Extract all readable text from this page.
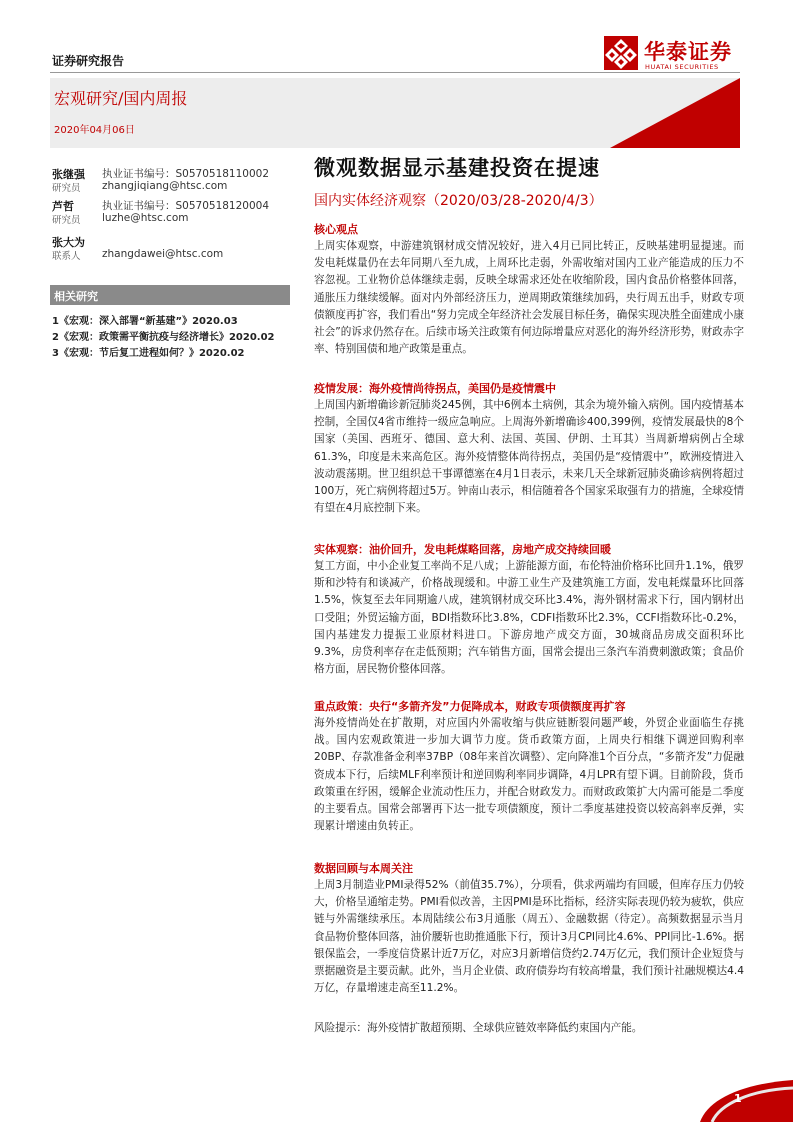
证券研究报告	华泰证券
HUATAI SECURITIES
宏观研究/国内周报
2020年04月06日
张继强 执业证书编号：S0570518110002
研究员 zhangjiqiang@htsc.com
芦哲	执业证书编号：S0570518120004
研究员 luzhe@htsc.com
张大为
联系人 zhangdawei@htsc.com
相关研究
1《宏观：深入部署“新基建”》2020.03
2《宏观：政策需平衡抗疫与经济增长》2020.02
3《宏观：节后复工进程如何？》2020.02
微观数据显示基建投资在提速
国内实体经济观察（2020/03/28-2020/4/3）
核心观点
上周实体观察，中游建筑钢材成交情况较好，进入4月已同比转正，反映基建明显提速。而发电耗煤量仍在去年同期八至九成，上周环比走弱，外需收缩对国内工业产能造成的压力不容忽视。工业物价总体继续走弱，反映全球需求还处在收缩阶段，国内食品价格整体回落，通胀压力继续缓解。面对内外部经济压力，逆周期政策继续加码，央行周五出手，财政专项债额度再扩容，我们看出“努力完成全年经济社会发展目标任务，确保实现决胜全面建成小康社会”的诉求仍然存在。后续市场关注政策有何边际增量应对恶化的海外经济形势，财政赤字率、特别国债和地产政策是重点。
疫情发展：海外疫情尚待拐点，美国仍是疫情震中
上周国内新增确诊新冠肺炎245例，其中6例本土病例，其余为境外输入病例。国内疫情基本控制，全国仅4省市维持一级应急响应。上周海外新增确诊400,399例，疫情发展最快的8个国家（美国、西班牙、德国、意大利、法国、英国、伊朗、土耳其）当周新增病例占全球61.3%，印度是未来高危区。海外疫情整体尚待拐点，美国仍是“疫情震中”，欧洲疫情进入波动震荡期。世卫组织总干事谭德塞在4月1日表示，未来几天全球新冠肺炎确诊病例将超过100万，死亡病例将超过5万。钟南山表示，相信随着各个国家采取强有力的措施，全球疫情有望在4月底控制下来。
实体观察：油价回升，发电耗煤略回落，房地产成交持续回暖
复工方面，中小企业复工率尚不足八成；上游能源方面，布伦特油价格环比回升1.1%，俄罗斯和沙特有和谈减产，价格战现缓和。中游工业生产及建筑施工方面，发电耗煤量环比回落1.5%，恢复至去年同期逾八成，建筑钢材成交环比3.4%，海外钢材需求下行，国内钢材出口受阻；外贸运输方面，BDI指数环比3.8%，CDFI指数环比2.3%，CCFI指数环比-0.2%，国内基建发力提振工业原材料进口。下游房地产成交方面，30城商品房成交面积环比9.3%，房贷利率存在走低预期；汽车销售方面，国常会提出三条汽车消费刺激政策；食品价格方面，居民物价整体回落。
重点政策：央行“多箭齐发”力促降成本，财政专项债额度再扩容
海外疫情尚处在扩散期，对应国内外需收缩与供应链断裂问题严峻，外贸企业面临生存挑战。国内宏观政策进一步加大调节力度。货币政策方面，上周央行相继下调逆回购利率20BP、存款准备金利率37BP（08年来首次调整）、定向降准1个百分点，“多箭齐发”力促融资成本下行，后续MLF利率预计和逆回购利率同步调降，4月LPR有望下调。目前阶段，货币政策重在纾困，缓解企业流动性压力，并配合财政发力。而财政政策扩大内需可能是二季度的主要看点。国常会部署再下达一批专项债额度，预计二季度基建投资以较高斜率反弹，实现累计增速由负转正。
数据回顾与本周关注
上周3月制造业PMI录得52%（前值35.7%），分项看，供求两端均有回暖，但库存压力仍较大，价格呈通缩走势。PMI看似改善，主因PMI是环比指标，经济实际表现仍较为疲软，供应链与外需继续承压。本周陆续公布3月通胀（周五）、金融数据（待定）。高频数据显示当月食品物价整体回落，油价腰斩也助推通胀下行，预计3月CPI同比4.6%、PPI同比-1.6%。据银保监会，一季度信贷累计近7万亿，对应3月新增信贷约2.74万亿元，我们预计企业短贷与票据融资是主要贡献。此外，当月企业债、政府债券均有较高增量，我们预计社融规模达4.4万亿，存量增速走高至11.2%。
风险提示：海外疫情扩散超预期、全球供应链效率降低约束国内产能。
1
